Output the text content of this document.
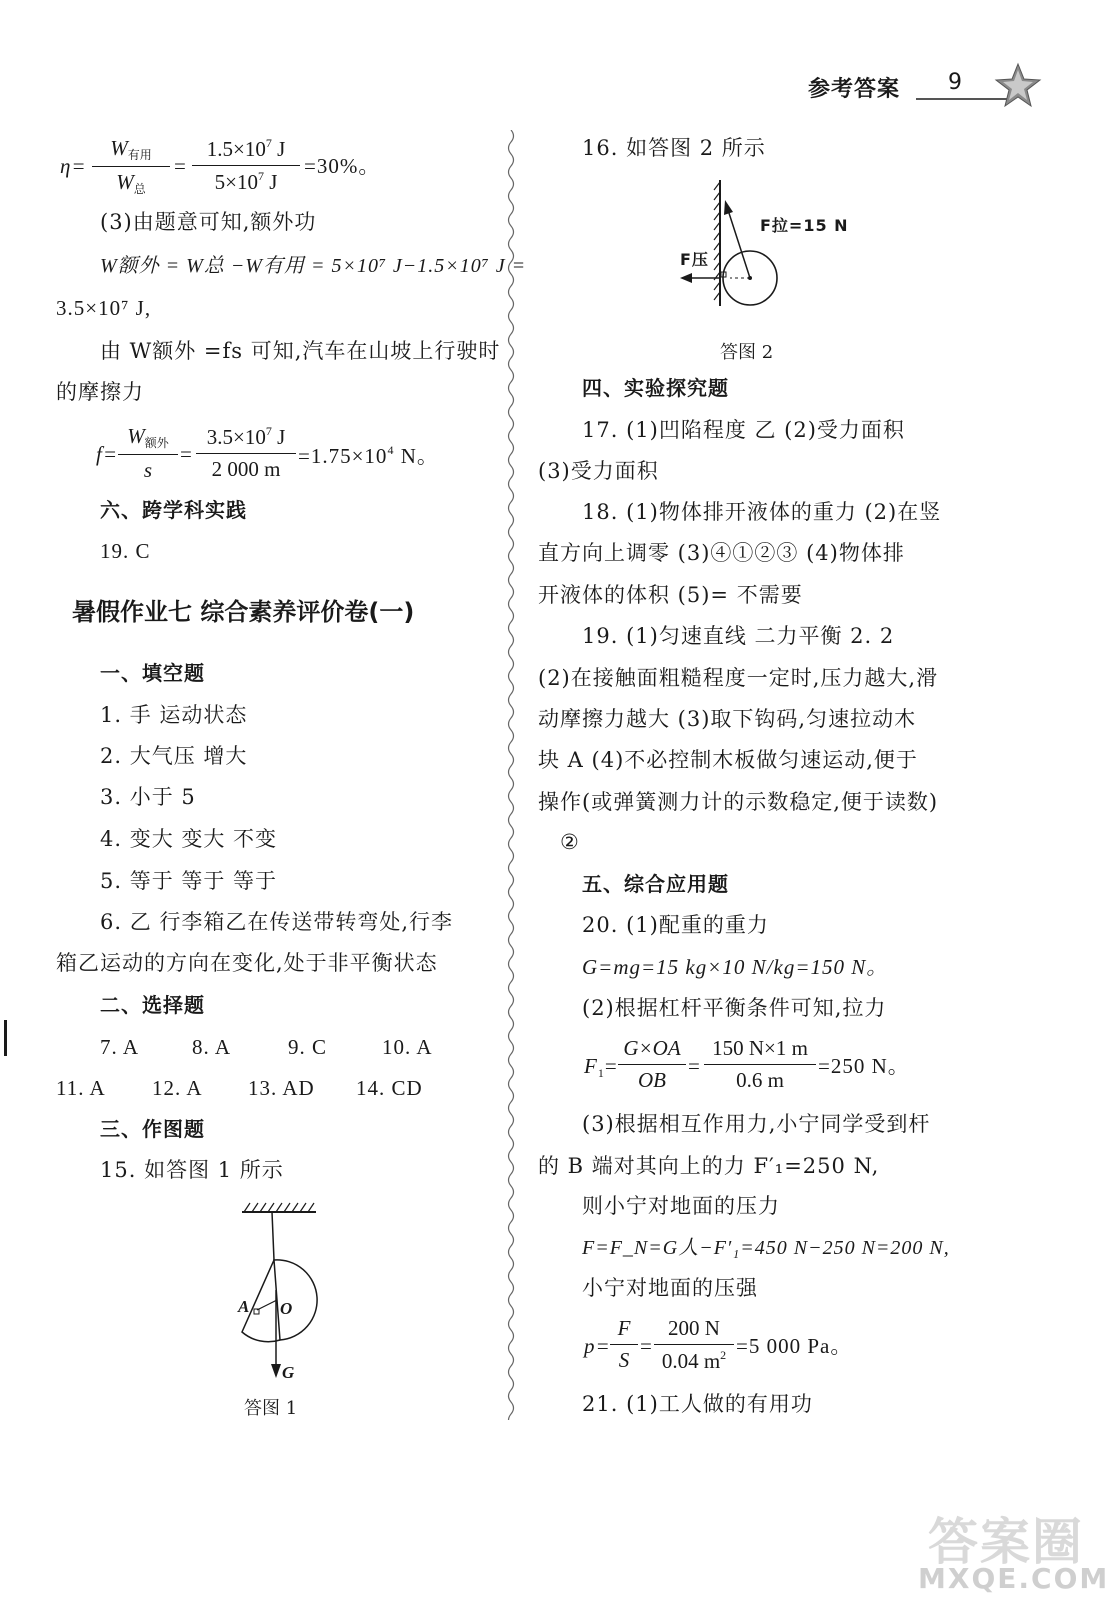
参考答案 9
η=
$W_{有用}$
$W_总$
= $\frac{1.5\times 10^7 J}{5\times 10^7 J} =30\%$。
(3)由题意可知,额外功
W额外 = W总 −W有用 = 5×10⁷ J−1.5×10⁷ J =
3.5×10⁷ J,
由 W额外 =fs 可知,汽车在山坡上行驶时
的摩擦力
f=
$W_{额外}$
s
= $\frac{3.5\times 10^7 J}{2 000 m} =1.75\times 10^4$ N。
六、跨学科实践
19. C
暑假作业七 综合素养评价卷(一)
一、填空题
1. 手 运动状态
2. 大气压 增大
3. 小于 5
4. 变大 变大 不变
5. 等于 等于 等于
6. 乙 行李箱乙在传送带转弯处,行李
箱乙运动的方向在变化,处于非平衡状态
二、选择题
7. A	8. A	9. C	10. A
11. A 12. A 13. AD 14. CD
三、作图题
15. 如答图 1 所示
A O
G
答图 1
16. 如答图 2 所示
F拉=15 N
F压
答图 2
四、实验探究题
17. (1)凹陷程度 乙 (2)受力面积
(3)受力面积
18. (1)物体排开液体的重力 (2)在竖
直方向上调零 (3)④①②③ (4)物体排
开液体的体积 (5)= 不需要
19. (1)匀速直线 二力平衡 2. 2
(2)在接触面粗糙程度一定时,压力越大,滑
动摩擦力越大 (3)取下钩码,匀速拉动木
块 A (4)不必控制木板做匀速运动,便于
操作(或弹簧测力计的示数稳定,便于读数)
②
五、综合应用题
20. (1)配重的重力
G=mg=15 kg×10 N/kg=150 N。
(2)根据杠杆平衡条件可知,拉力
$F_1= \frac{G\times OA}{OB} = \frac{150 N\times 1 m}{0.6 m} =250$ N。
(3)根据相互作用力,小宁同学受到杆
的 B 端对其向上的力 F′₁=250 N,
则小宁对地面的压力
F=F_N=G人−F′₁=450 N−250 N=200 N,
小宁对地面的压强
$p= \frac{F}{S} = \frac{200 N}{0.04 m^2} =5$ 000 Pa。
21. (1)工人做的有用功
答案圈
MXQE.COM
